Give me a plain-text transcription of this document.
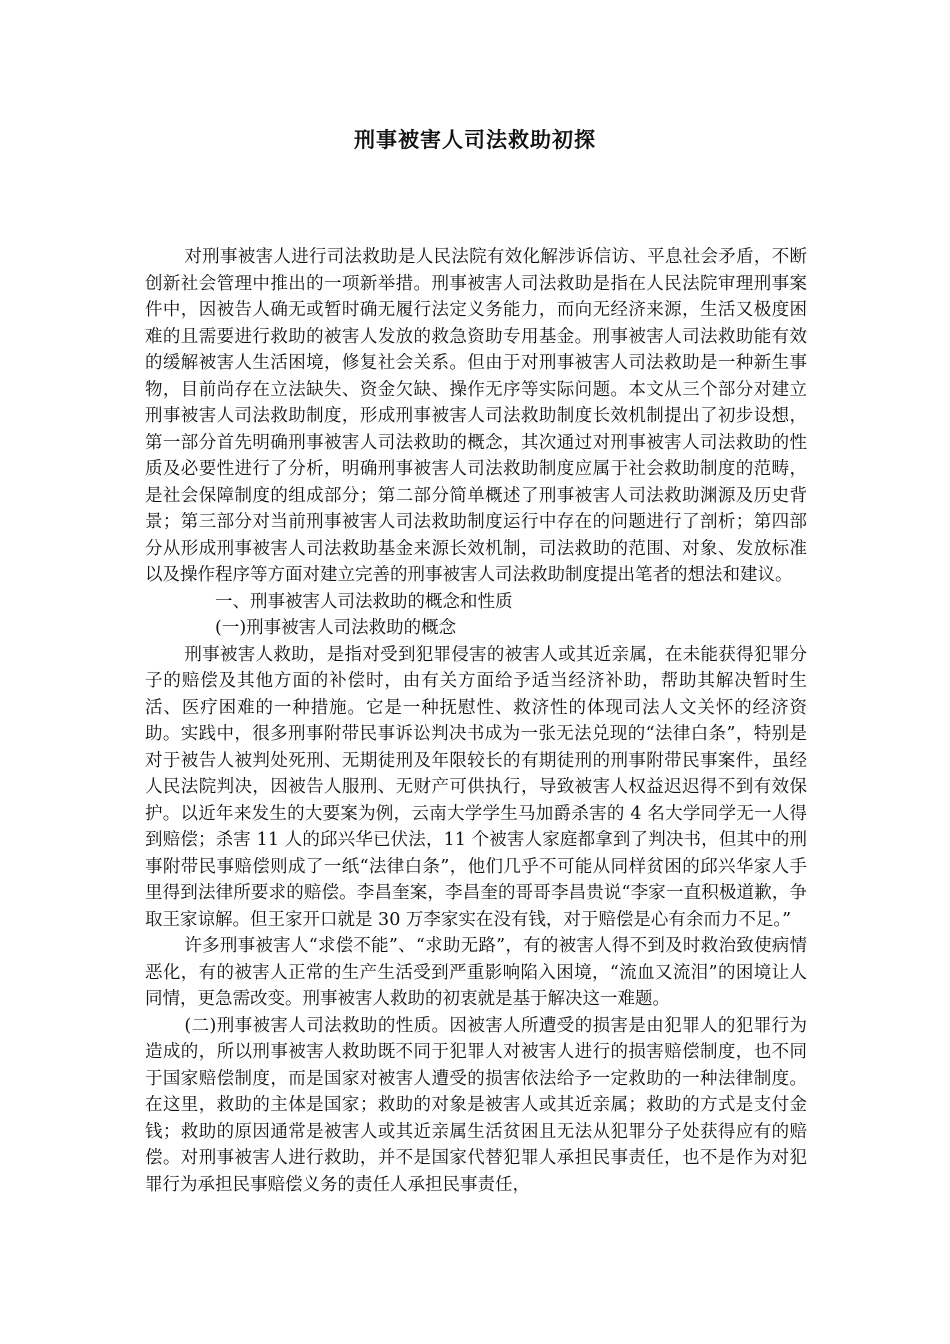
刑事被害人司法救助初探

对刑事被害人进行司法救助是人民法院有效化解涉诉信访、平息社会矛盾，不断创新社会管理中推出的一项新举措。刑事被害人司法救助是指在人民法院审理刑事案件中，因被告人确无或暂时确无履行法定义务能力，而向无经济来源，生活又极度困难的且需要进行救助的被害人发放的救急资助专用基金。刑事被害人司法救助能有效的缓解被害人生活困境，修复社会关系。但由于对刑事被害人司法救助是一种新生事物，目前尚存在立法缺失、资金欠缺、操作无序等实际问题。本文从三个部分对建立刑事被害人司法救助制度，形成刑事被害人司法救助制度长效机制提出了初步设想，第一部分首先明确刑事被害人司法救助的概念，其次通过对刑事被害人司法救助的性质及必要性进行了分析，明确刑事被害人司法救助制度应属于社会救助制度的范畴，是社会保障制度的组成部分；第二部分简单概述了刑事被害人司法救助渊源及历史背景；第三部分对当前刑事被害人司法救助制度运行中存在的问题进行了剖析；第四部分从形成刑事被害人司法救助基金来源长效机制，司法救助的范围、对象、发放标准以及操作程序等方面对建立完善的刑事被害人司法救助制度提出笔者的想法和建议。

一、刑事被害人司法救助的概念和性质

(一)刑事被害人司法救助的概念

刑事被害人救助，是指对受到犯罪侵害的被害人或其近亲属，在未能获得犯罪分子的赔偿及其他方面的补偿时，由有关方面给予适当经济补助，帮助其解决暂时生活、医疗困难的一种措施。它是一种抚慰性、救济性的体现司法人文关怀的经济资助。实践中，很多刑事附带民事诉讼判决书成为一张无法兑现的“法律白条”，特别是对于被告人被判处死刑、无期徒刑及年限较长的有期徒刑的刑事附带民事案件，虽经人民法院判决，因被告人服刑、无财产可供执行，导致被害人权益迟迟得不到有效保护。以近年来发生的大要案为例，云南大学学生马加爵杀害的 4 名大学同学无一人得到赔偿；杀害 11 人的邱兴华已伏法，11 个被害人家庭都拿到了判决书，但其中的刑事附带民事赔偿则成了一纸“法律白条”，他们几乎不可能从同样贫困的邱兴华家人手里得到法律所要求的赔偿。李昌奎案，李昌奎的哥哥李昌贵说“李家一直积极道歉，争取王家谅解。但王家开口就是 30 万李家实在没有钱，对于赔偿是心有余而力不足。”

许多刑事被害人“求偿不能”、“求助无路”，有的被害人得不到及时救治致使病情恶化，有的被害人正常的生产生活受到严重影响陷入困境，“流血又流泪”的困境让人同情，更急需改变。刑事被害人救助的初衷就是基于解决这一难题。

(二)刑事被害人司法救助的性质。因被害人所遭受的损害是由犯罪人的犯罪行为造成的，所以刑事被害人救助既不同于犯罪人对被害人进行的损害赔偿制度，也不同于国家赔偿制度，而是国家对被害人遭受的损害依法给予一定救助的一种法律制度。在这里，救助的主体是国家；救助的对象是被害人或其近亲属；救助的方式是支付金钱；救助的原因通常是被害人或其近亲属生活贫困且无法从犯罪分子处获得应有的赔偿。对刑事被害人进行救助，并不是国家代替犯罪人承担民事责任，也不是作为对犯罪行为承担民事赔偿义务的责任人承担民事责任，
